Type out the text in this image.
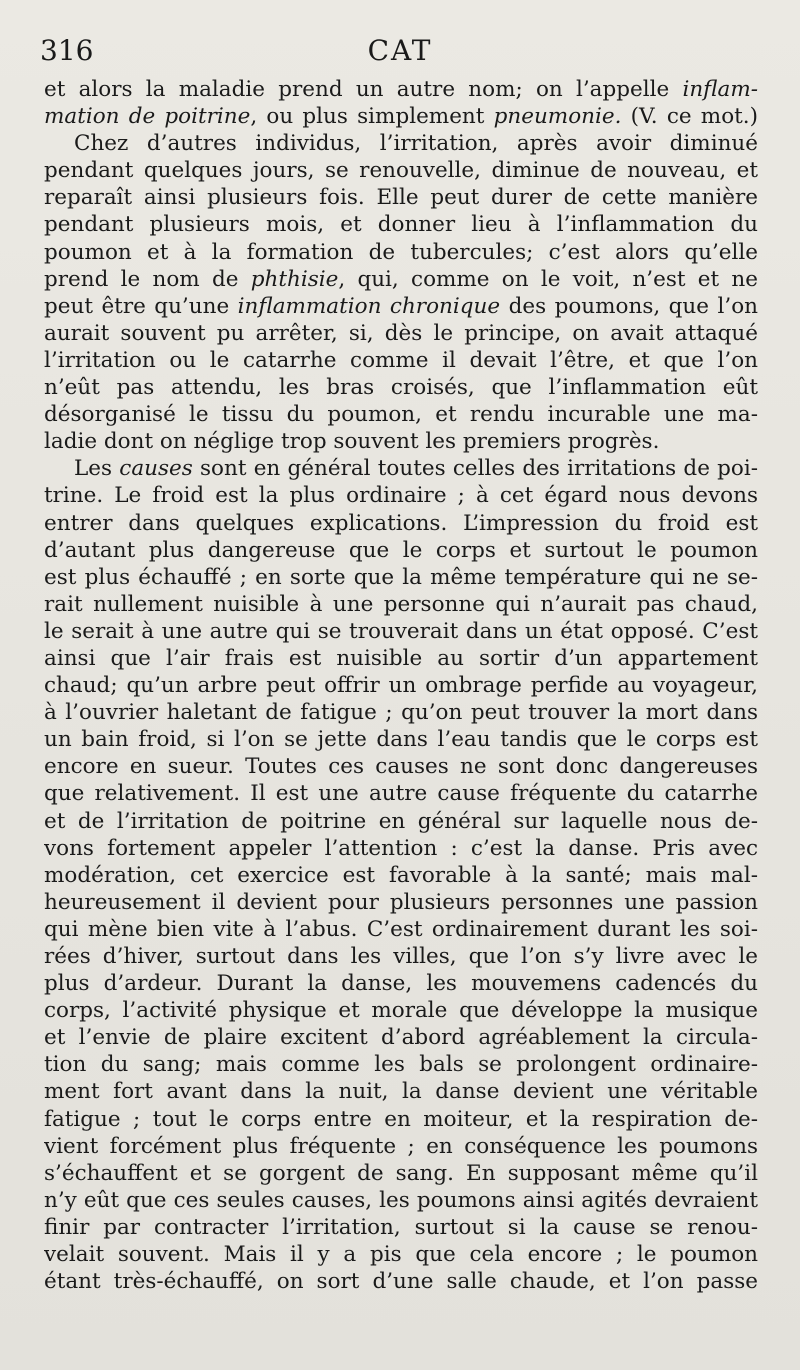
316	CAT
et alors la maladie prend un autre nom; on l’appelle inflam-
mation de poitrine, ou plus simplement pneumonie. (V. ce mot.)
Chez d’autres individus, l’irritation, après avoir diminué
pendant quelques jours, se renouvelle, diminue de nouveau, et
reparaît ainsi plusieurs fois. Elle peut durer de cette manière
pendant plusieurs mois, et donner lieu à l’inflammation du
poumon et à la formation de tubercules; c’est alors qu’elle
prend le nom de phthisie, qui, comme on le voit, n’est et ne
peut être qu’une inflammation chronique des poumons, que l’on
aurait souvent pu arrêter, si, dès le principe, on avait attaqué
l’irritation ou le catarrhe comme il devait l’être, et que l’on
n’eût pas attendu, les bras croisés, que l’inflammation eût
désorganisé le tissu du poumon, et rendu incurable une ma-
ladie dont on néglige trop souvent les premiers progrès.
Les causes sont en général toutes celles des irritations de poi-
trine. Le froid est la plus ordinaire ; à cet égard nous devons
entrer dans quelques explications. L’impression du froid est
d’autant plus dangereuse que le corps et surtout le poumon
est plus échauffé ; en sorte que la même température qui ne se-
rait nullement nuisible à une personne qui n’aurait pas chaud,
le serait à une autre qui se trouverait dans un état opposé. C’est
ainsi que l’air frais est nuisible au sortir d’un appartement
chaud; qu’un arbre peut offrir un ombrage perfide au voyageur,
à l’ouvrier haletant de fatigue ; qu’on peut trouver la mort dans
un bain froid, si l’on se jette dans l’eau tandis que le corps est
encore en sueur. Toutes ces causes ne sont donc dangereuses
que relativement. Il est une autre cause fréquente du catarrhe
et de l’irritation de poitrine en général sur laquelle nous de-
vons fortement appeler l’attention : c’est la danse. Pris avec
modération, cet exercice est favorable à la santé; mais mal-
heureusement il devient pour plusieurs personnes une passion
qui mène bien vite à l’abus. C’est ordinairement durant les soi-
rées d’hiver, surtout dans les villes, que l’on s’y livre avec le
plus d’ardeur. Durant la danse, les mouvemens cadencés du
corps, l’activité physique et morale que développe la musique
et l’envie de plaire excitent d’abord agréablement la circula-
tion du sang; mais comme les bals se prolongent ordinaire-
ment fort avant dans la nuit, la danse devient une véritable
fatigue ; tout le corps entre en moiteur, et la respiration de-
vient forcément plus fréquente ; en conséquence les poumons
s’échauffent et se gorgent de sang. En supposant même qu’il
n’y eût que ces seules causes, les poumons ainsi agités devraient
finir par contracter l’irritation, surtout si la cause se renou-
velait souvent. Mais il y a pis que cela encore ; le poumon
étant très-échauffé, on sort d’une salle chaude, et l’on passe
